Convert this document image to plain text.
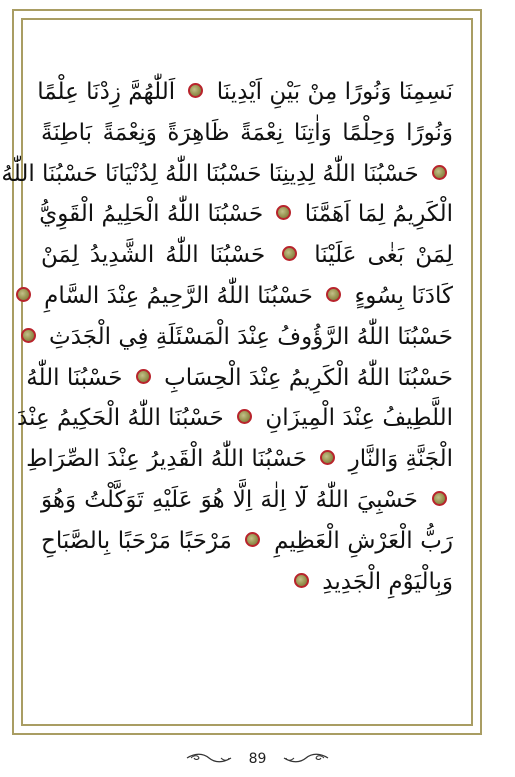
نَسِمِنَا وَنُورًا مِنْ بَيْنِ اَيْدِينَا  اَللّٰهُمَّ زِدْنَا عِلْمًا
وَنُورًا وَحِلْمًا وَاٰتِنَا نِعْمَةً ظَاهِرَةً وَنِعْمَةً بَاطِنَةً
حَسْبُنَا اللّٰهُ لِدِينِنَا حَسْبُنَا اللّٰهُ لِدُنْيَانَا حَسْبُنَا اللّٰهُ
الْكَرِيمُ لِمَا اَهَمَّنَا  حَسْبُنَا اللّٰهُ الْحَلِيمُ الْقَوِيُّ
لِمَنْ بَغٰى عَلَيْنَا  حَسْبُنَا اللّٰهُ الشَّدِيدُ لِمَنْ
كَادَنَا بِسُوءٍ  حَسْبُنَا اللّٰهُ الرَّحِيمُ عِنْدَ السَّامِ
حَسْبُنَا اللّٰهُ الرَّؤُوفُ عِنْدَ الْمَسْئَلَةِ فِي الْجَدَثِ
حَسْبُنَا اللّٰهُ الْكَرِيمُ عِنْدَ الْحِسَابِ  حَسْبُنَا اللّٰهُ
اللَّطِيفُ عِنْدَ الْمِيزَانِ  حَسْبُنَا اللّٰهُ الْحَكِيمُ عِنْدَ
الْجَنَّةِ وَالنَّارِ  حَسْبُنَا اللّٰهُ الْقَدِيرُ عِنْدَ الصِّرَاطِ
حَسْبِيَ اللّٰهُ لَٓا اِلٰهَ اِلَّا هُوَ عَلَيْهِ تَوَكَّلْتُ وَهُوَ
رَبُّ الْعَرْشِ الْعَظِيمِ  مَرْحَبًا مَرْحَبًا بِالصَّبَاحِ
وَبِالْيَوْمِ الْجَدِيدِ
89
